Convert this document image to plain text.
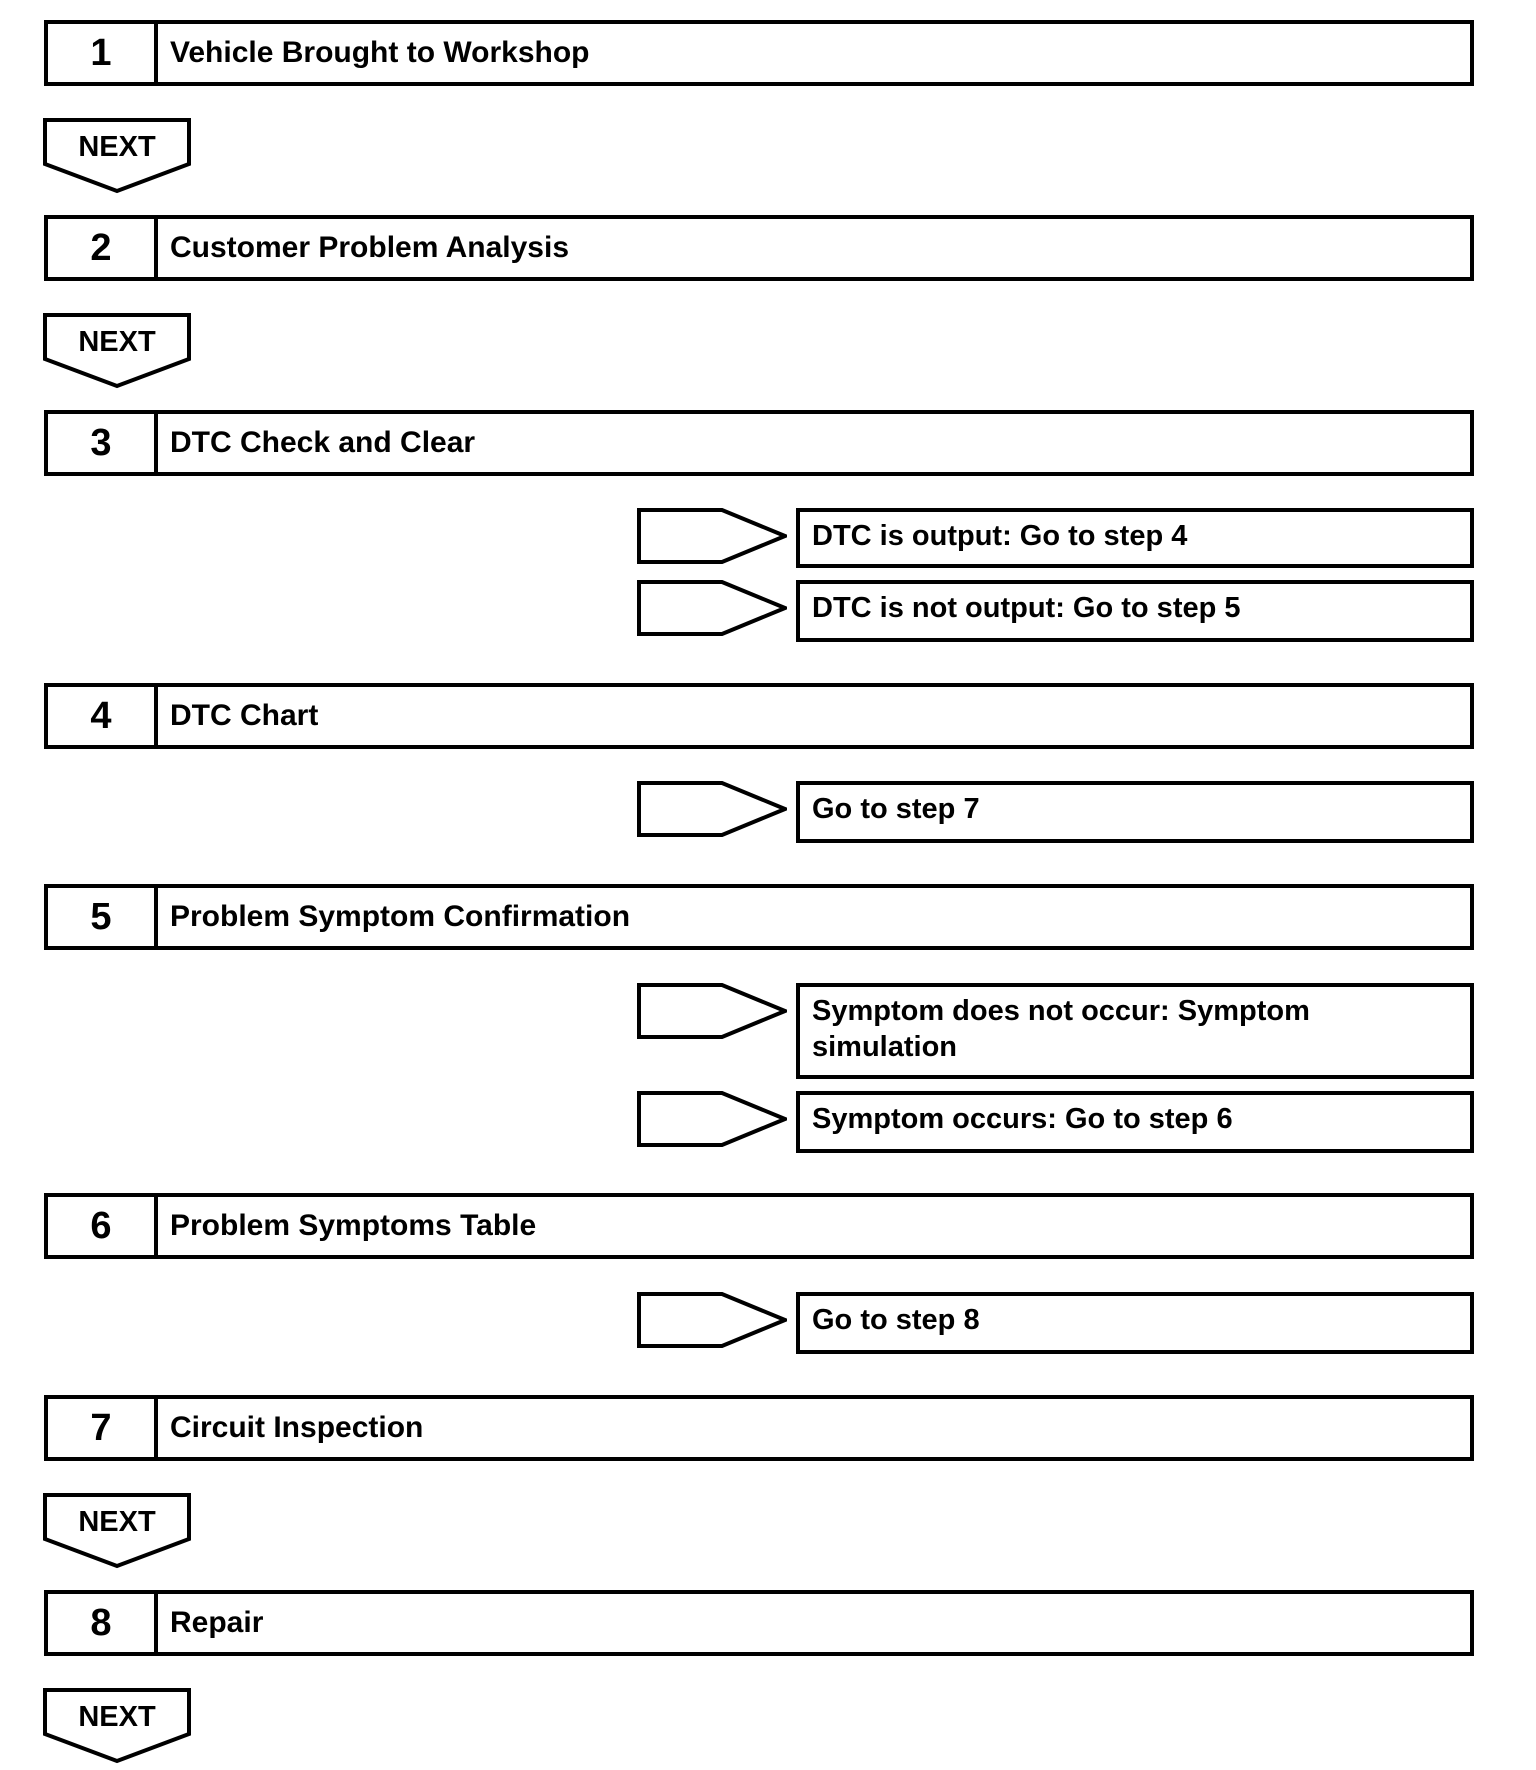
1	Vehicle Brought to Workshop
NEXT
2	Customer Problem Analysis
NEXT
3	DTC Check and Clear
DTC is output: Go to step 4
DTC is not output: Go to step 5
4	DTC Chart
Go to step 7
5	Problem Symptom Confirmation
Symptom does not occur: Symptom simulation
Symptom occurs: Go to step 6
6	Problem Symptoms Table
Go to step 8
7	Circuit Inspection
NEXT
8	Repair
NEXT
